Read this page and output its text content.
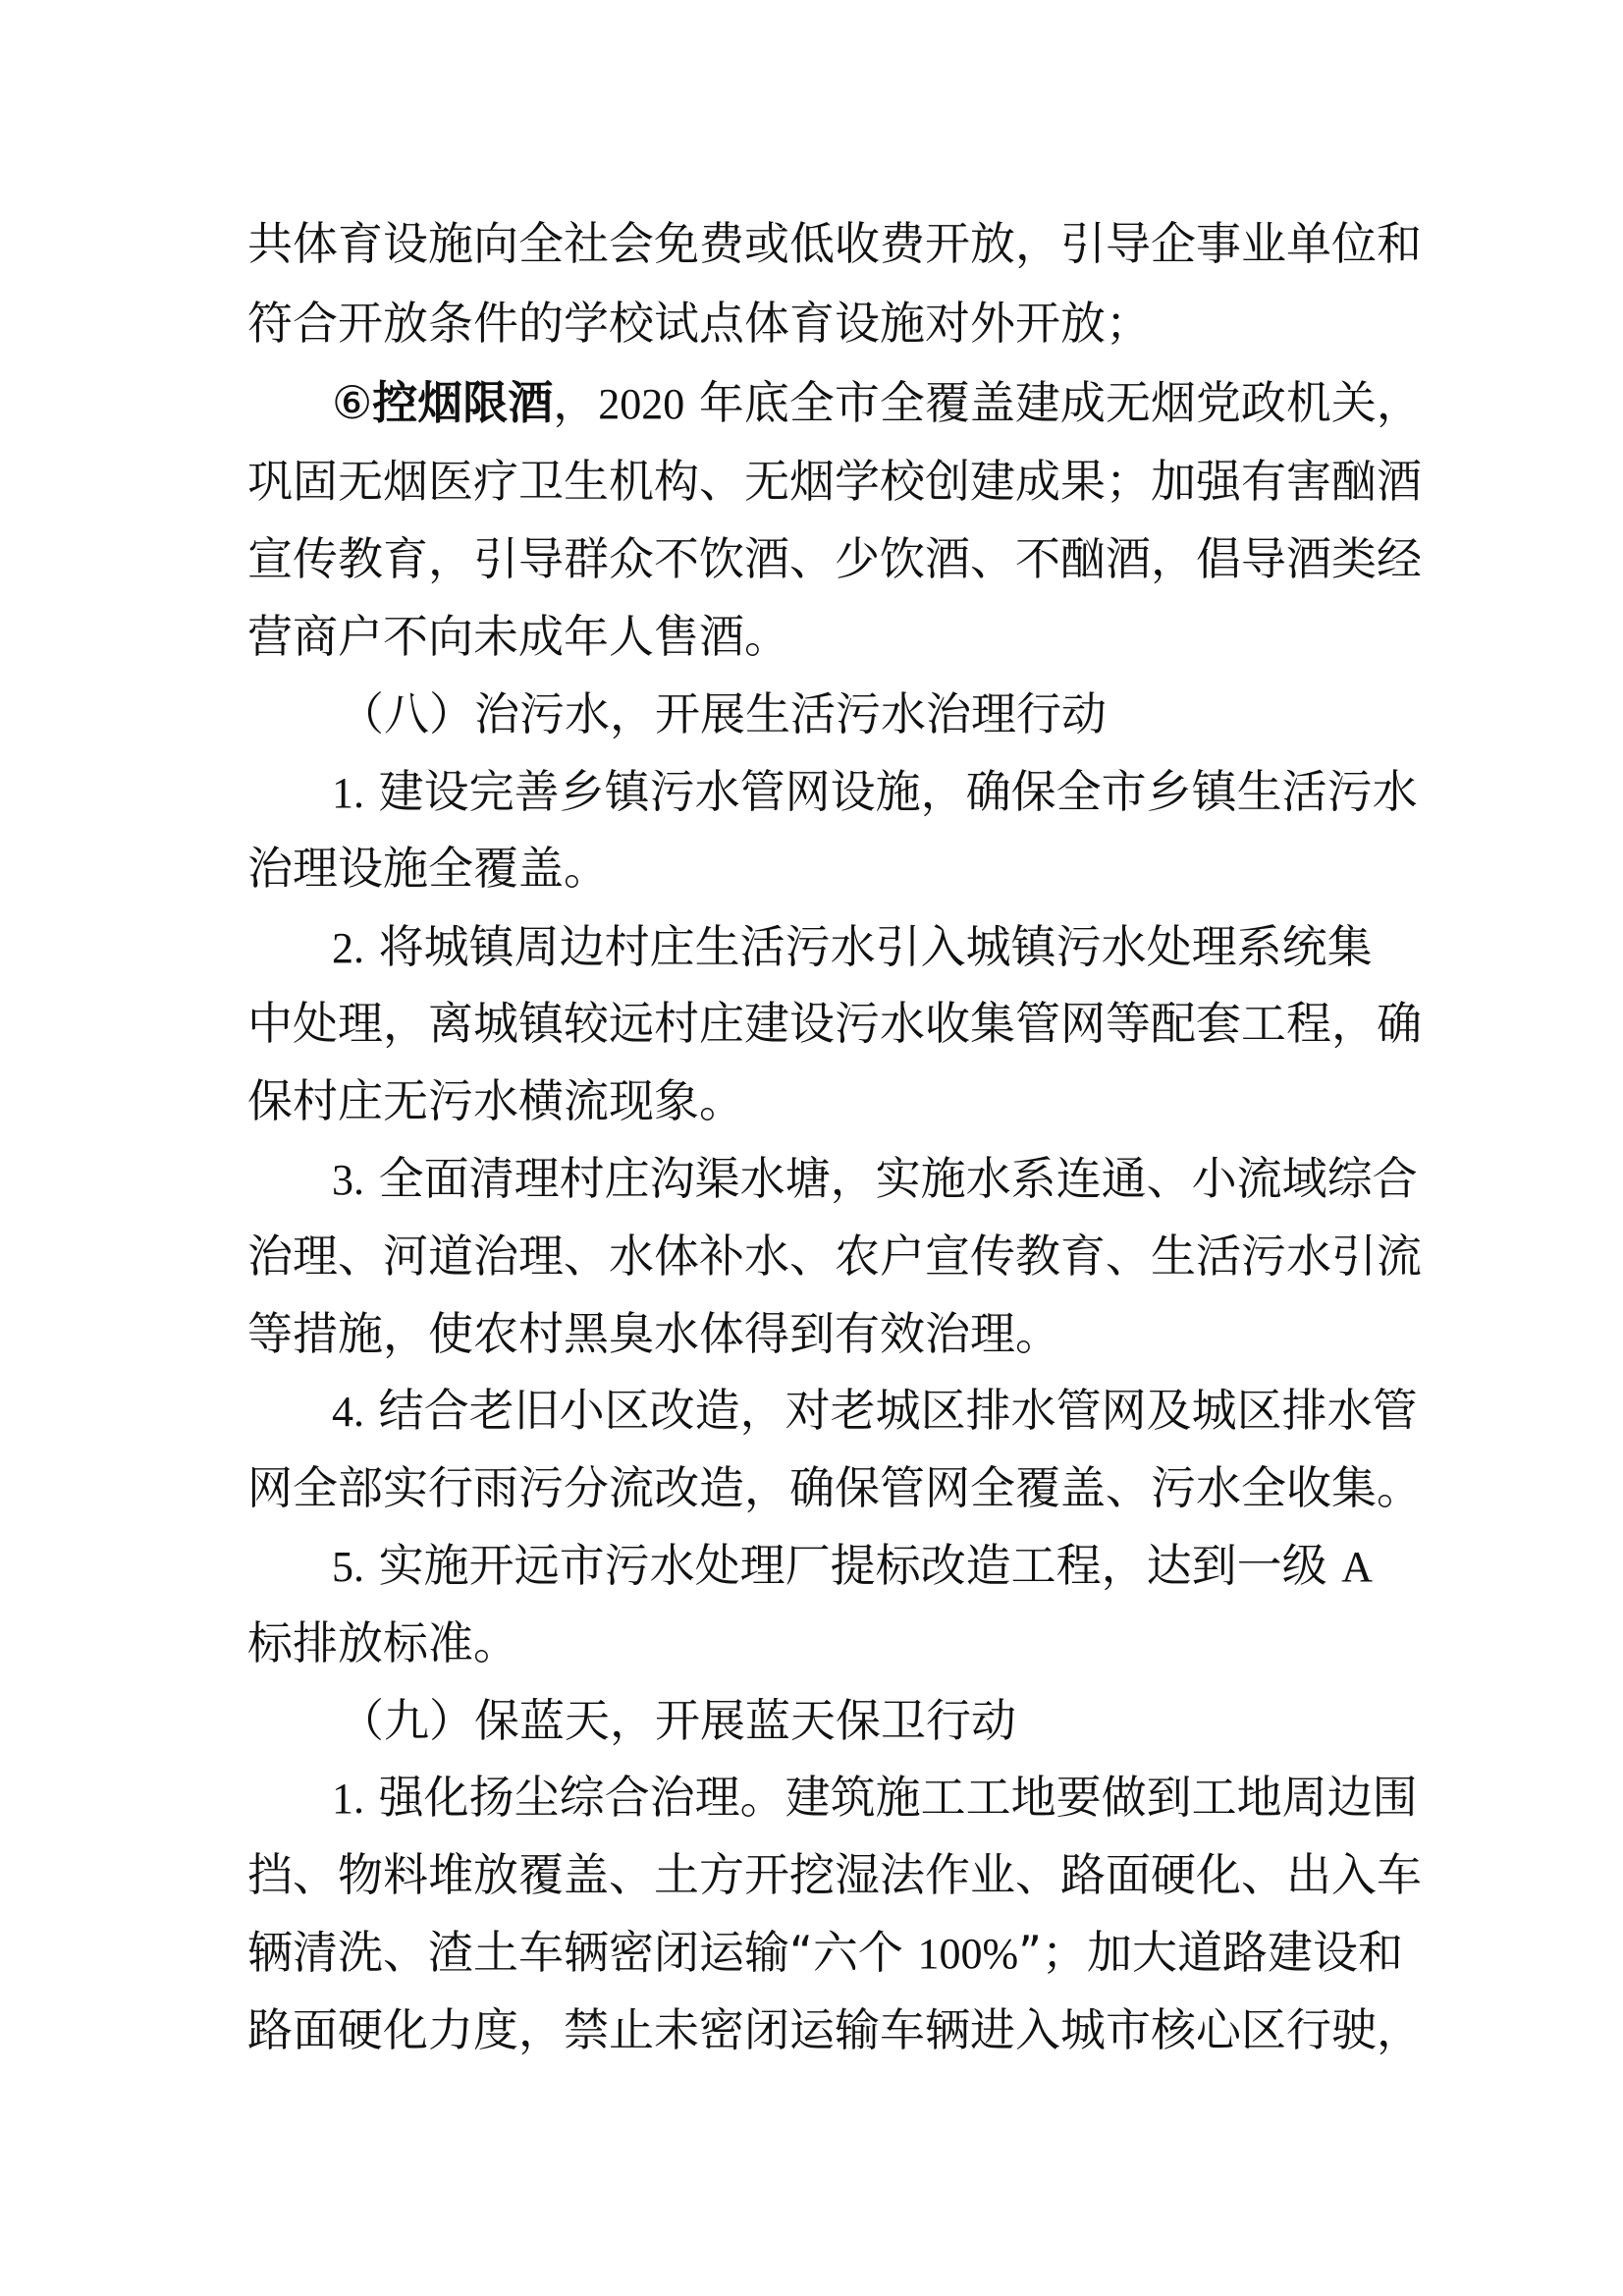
共体育设施向全社会免费或低收费开放，引导企事业单位和
符合开放条件的学校试点体育设施对外开放；
⑥控烟限酒，2020 年底全市全覆盖建成无烟党政机关，
巩固无烟医疗卫生机构、无烟学校创建成果；加强有害酗酒
宣传教育，引导群众不饮酒、少饮酒、不酗酒，倡导酒类经
营商户不向未成年人售酒。
（八）治污水，开展生活污水治理行动
1. 建设完善乡镇污水管网设施，确保全市乡镇生活污水
治理设施全覆盖。
2. 将城镇周边村庄生活污水引入城镇污水处理系统集
中处理，离城镇较远村庄建设污水收集管网等配套工程，确
保村庄无污水横流现象。
3. 全面清理村庄沟渠水塘，实施水系连通、小流域综合
治理、河道治理、水体补水、农户宣传教育、生活污水引流
等措施，使农村黑臭水体得到有效治理。
4. 结合老旧小区改造，对老城区排水管网及城区排水管
网全部实行雨污分流改造，确保管网全覆盖、污水全收集。
5. 实施开远市污水处理厂提标改造工程，达到一级 A
标排放标准。
（九）保蓝天，开展蓝天保卫行动
1. 强化扬尘综合治理。建筑施工工地要做到工地周边围
挡、物料堆放覆盖、土方开挖湿法作业、路面硬化、出入车
辆清洗、渣土车辆密闭运输“六个 100%”；加大道路建设和
路面硬化力度，禁止未密闭运输车辆进入城市核心区行驶，
